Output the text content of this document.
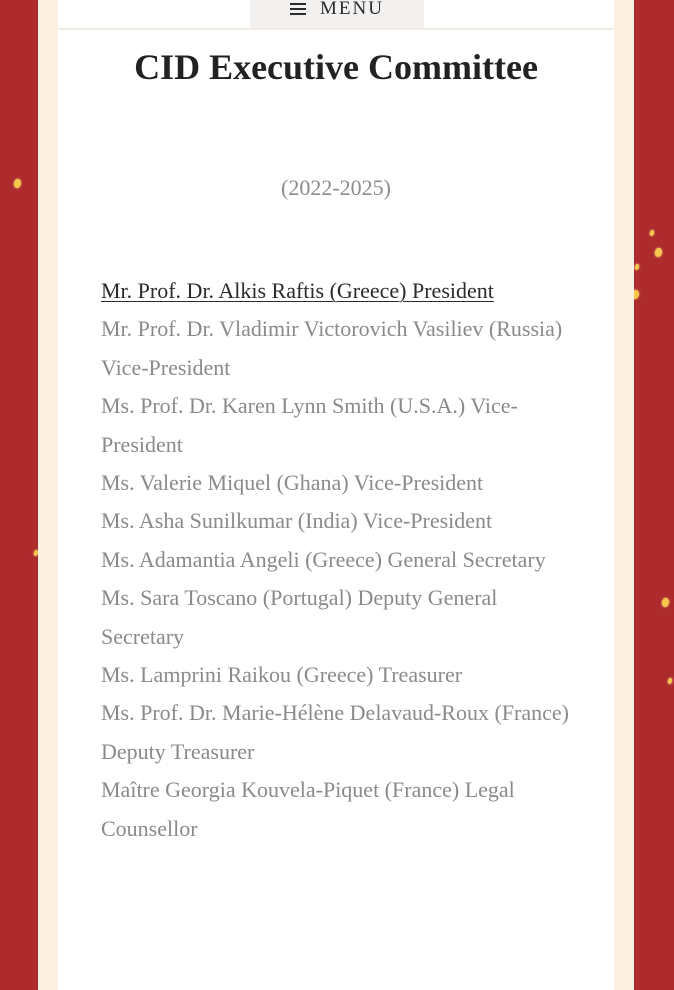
MENU
CID Executive Committee

(2022-2025)

Mr. Prof. Dr. Alkis Raftis (Greece) President
Mr. Prof. Dr. Vladimir Victorovich Vasiliev (Russia) Vice-President
Ms. Prof. Dr. Karen Lynn Smith (U.S.A.) Vice-President
Ms. Valerie Miquel (Ghana) Vice-President
Ms. Asha Sunilkumar (India) Vice-President
Ms. Adamantia Angeli (Greece) General Secretary
Ms. Sara Toscano (Portugal) Deputy General Secretary
Ms. Lamprini Raikou (Greece) Treasurer
Ms. Prof. Dr. Marie-Hélène Delavaud-Roux (France) Deputy Treasurer
Maître Georgia Kouvela-Piquet (France) Legal Counsellor
